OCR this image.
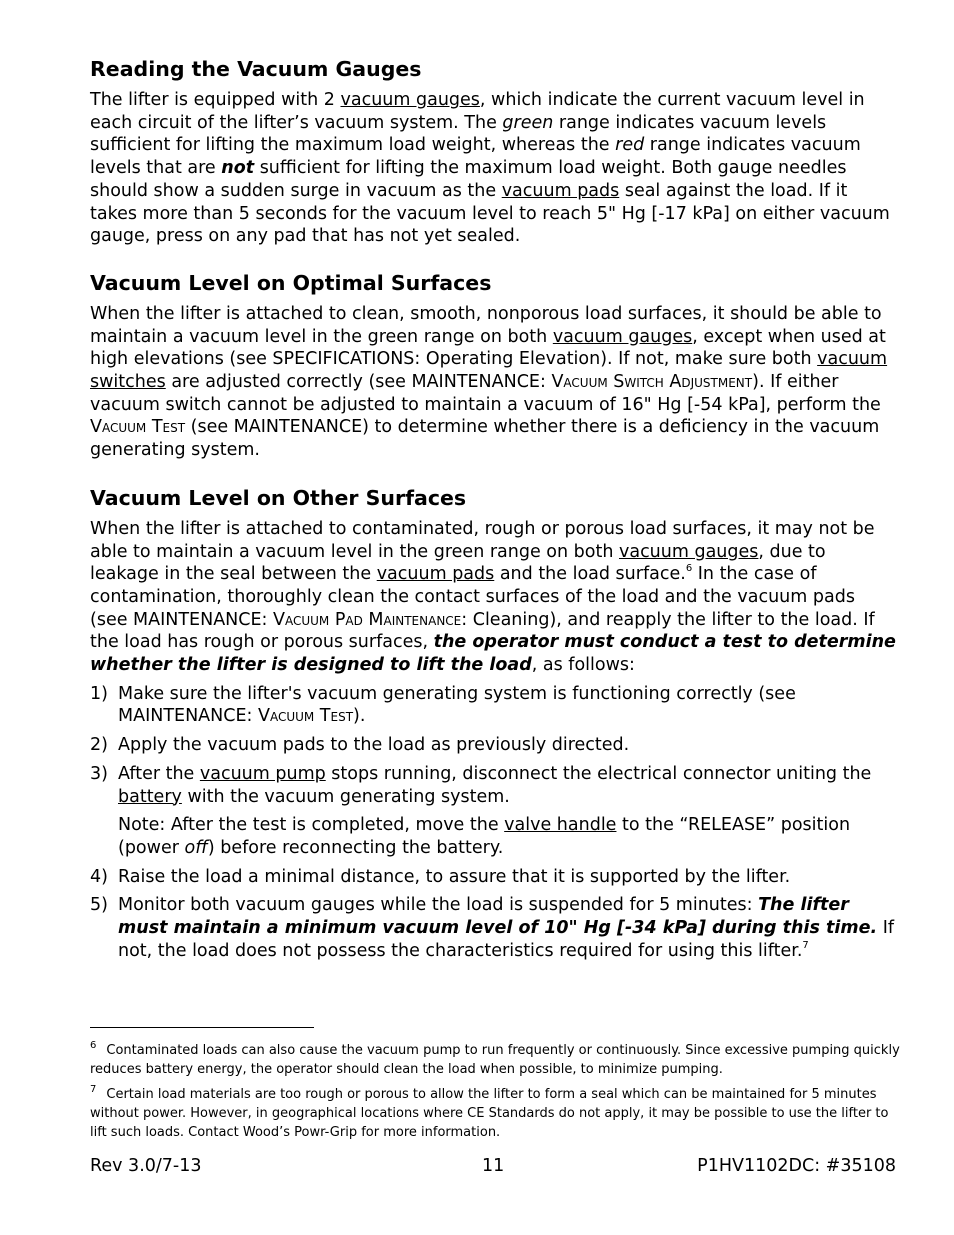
Reading the Vacuum Gauges

The lifter is equipped with 2 vacuum gauges, which indicate the current vacuum level in each circuit of the lifter’s vacuum system. The green range indicates vacuum levels sufficient for lifting the maximum load weight, whereas the red range indicates vacuum levels that are not sufficient for lifting the maximum load weight. Both gauge needles should show a sudden surge in vacuum as the vacuum pads seal against the load. If it takes more than 5 seconds for the vacuum level to reach 5" Hg [-17 kPa] on either vacuum gauge, press on any pad that has not yet sealed.

Vacuum Level on Optimal Surfaces

When the lifter is attached to clean, smooth, nonporous load surfaces, it should be able to maintain a vacuum level in the green range on both vacuum gauges, except when used at high elevations (see SPECIFICATIONS: Operating Elevation). If not, make sure both vacuum switches are adjusted correctly (see MAINTENANCE: Vacuum Switch Adjustment). If either vacuum switch cannot be adjusted to maintain a vacuum of 16" Hg [-54 kPa], perform the Vacuum Test (see MAINTENANCE) to determine whether there is a deficiency in the vacuum generating system.

Vacuum Level on Other Surfaces

When the lifter is attached to contaminated, rough or porous load surfaces, it may not be able to maintain a vacuum level in the green range on both vacuum gauges, due to leakage in the seal between the vacuum pads and the load surface.$^6$ In the case of contamination, thoroughly clean the contact surfaces of the load and the vacuum pads (see MAINTENANCE: Vacuum Pad Maintenance: Cleaning), and reapply the lifter to the load. If the load has rough or porous surfaces, the operator must conduct a test to determine whether the lifter is designed to lift the load, as follows:

1) Make sure the lifter's vacuum generating system is functioning correctly (see MAINTENANCE: Vacuum Test).
2) Apply the vacuum pads to the load as previously directed.
3) After the vacuum pump stops running, disconnect the electrical connector uniting the battery with the vacuum generating system.
Note: After the test is completed, move the valve handle to the “RELEASE” position (power off) before reconnecting the battery.
4) Raise the load a minimal distance, to assure that it is supported by the lifter.
5) Monitor both vacuum gauges while the load is suspended for 5 minutes: The lifter must maintain a minimum vacuum level of 10" Hg [-34 kPa] during this time. If not, the load does not possess the characteristics required for using this lifter.$^7$

$^6$ Contaminated loads can also cause the vacuum pump to run frequently or continuously. Since excessive pumping quickly reduces battery energy, the operator should clean the load when possible, to minimize pumping.

$^7$ Certain load materials are too rough or porous to allow the lifter to form a seal which can be maintained for 5 minutes without power. However, in geographical locations where CE Standards do not apply, it may be possible to use the lifter to lift such loads. Contact Wood’s Powr-Grip for more information.

Rev 3.0/7-13	11	P1HV1102DC: #35108
